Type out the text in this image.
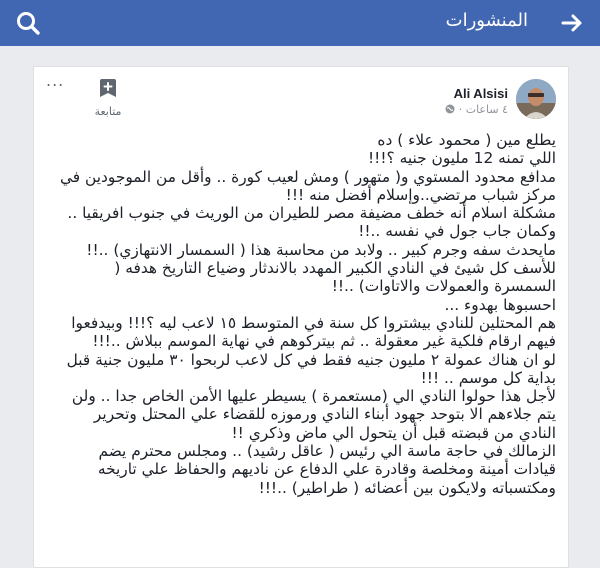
المنشورات
Ali Alsisi
٤ ساعات ·
متابعة
...
يطلع مين ( محمود علاء ) ده
اللي تمنه 12 مليون جنيه ؟!!!
مدافع محدود المستوي و( متهور ) ومش لعيب كورة .. وأقل من الموجودين في
مركز شباب مرتضي..وإسلام أفضل منه !!!
مشكلة اسلام أنه خطف مضيفة مصر للطيران من الوريث في جنوب افريقيا ..
وكمان جاب جول في نفسه ..!!
مايحدث سفه وجرم كبير .. ولابد من محاسبة هذا ( السمسار الانتهازي) ..!!
للأسف كل شيئ في النادي الكبير المهدد بالاندثار وضياع التاريخ هدفه (
السمسرة والعمولات والاتاوات) ..!!
احسبوها بهدوء ...
هم المحتلين للنادي بيشتروا كل سنة في المتوسط ١٥ لاعب ليه ؟!!! وبيدفعوا
فيهم ارقام فلكية غير معقولة .. ثم بيتركوهم في نهاية الموسم ببلاش ..!!!
لو ان هناك عمولة ٢ مليون جنيه فقط في كل لاعب لربحوا ٣٠ مليون جنية قبل
بداية كل موسم .. !!!
لأجل هذا حولوا النادي الي (مستعمرة ) يسيطر عليها الأمن الخاص جدا .. ولن
يتم جلاءهم الا بتوحد جهود أبناء النادي ورموزه للقضاء علي المحتل وتحرير
النادي من قبضته قبل أن يتحول الي ماض وذكري !!
الزمالك في حاجة ماسة الي رئيس ( عاقل رشيد) .. ومجلس محترم يضم
قيادات أمينة ومخلصة وقادرة علي الدفاع عن ناديهم والحفاظ علي تاريخه
ومكتسباته ولايكون بين أعضائه ( طراطير) ..!!!
